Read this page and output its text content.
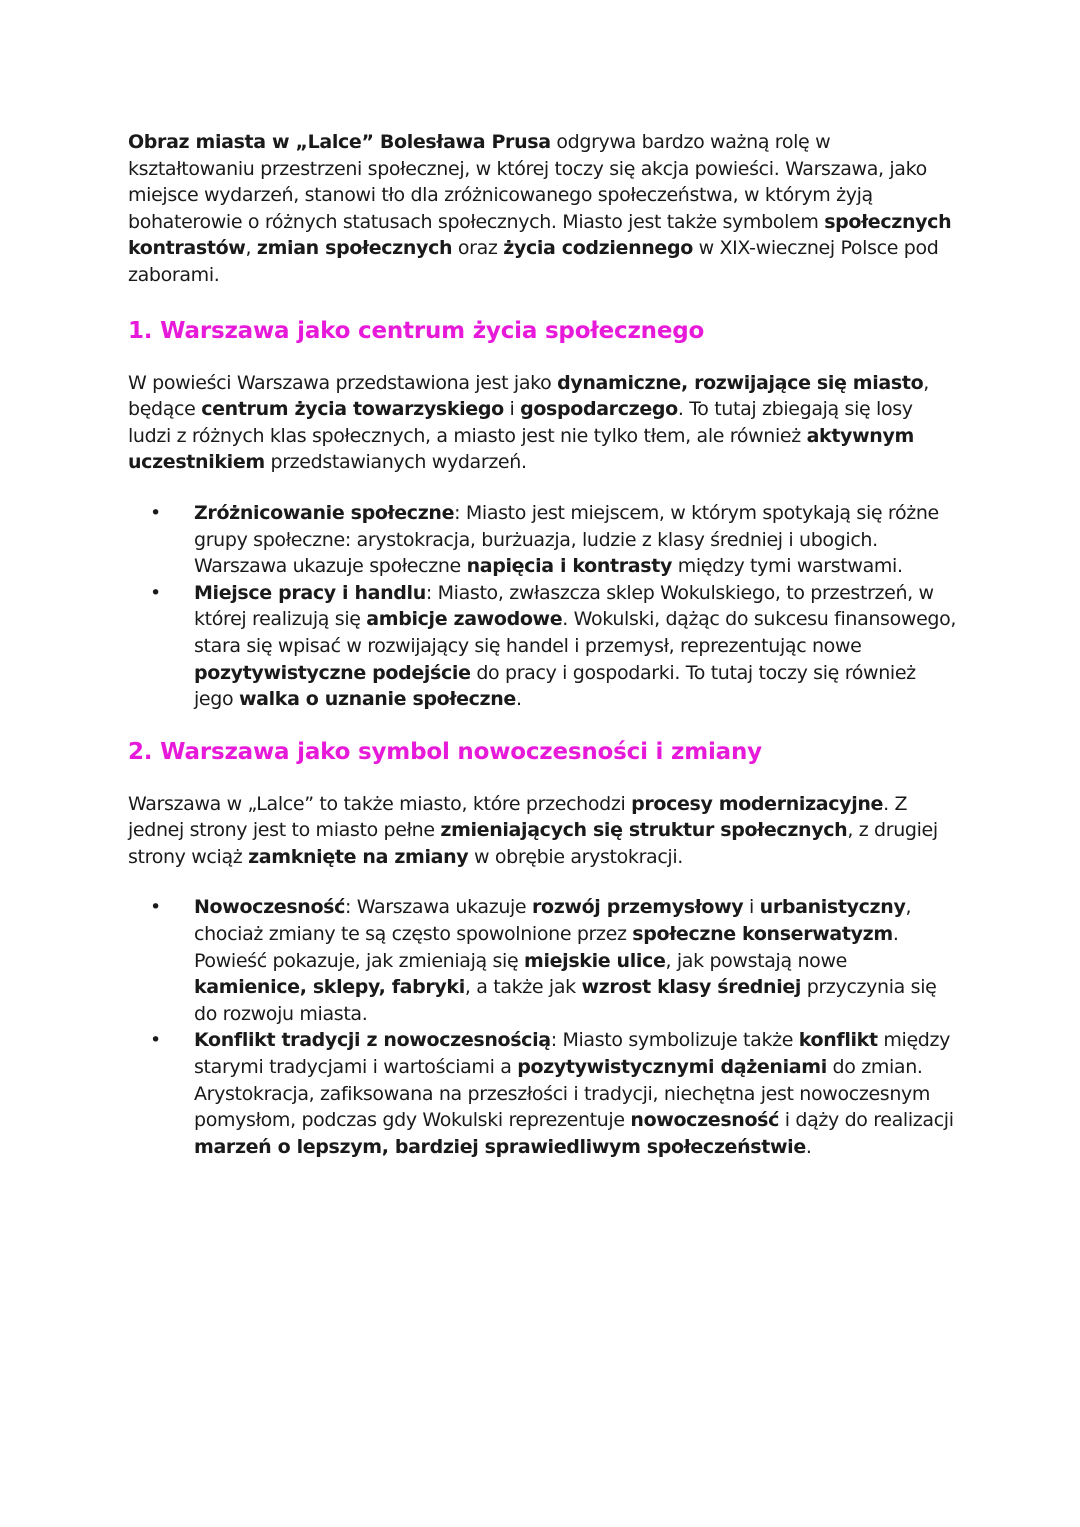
Obraz miasta w „Lalce” Bolesława Prusa odgrywa bardzo ważną rolę w kształtowaniu przestrzeni społecznej, w której toczy się akcja powieści. Warszawa, jako miejsce wydarzeń, stanowi tło dla zróżnicowanego społeczeństwa, w którym żyją bohaterowie o różnych statusach społecznych. Miasto jest także symbolem społecznych kontrastów, zmian społecznych oraz życia codziennego w XIX-wiecznej Polsce pod zaborami.

1. Warszawa jako centrum życia społecznego

W powieści Warszawa przedstawiona jest jako dynamiczne, rozwijające się miasto, będące centrum życia towarzyskiego i gospodarczego. To tutaj zbiegają się losy ludzi z różnych klas społecznych, a miasto jest nie tylko tłem, ale również aktywnym uczestnikiem przedstawianych wydarzeń.

• Zróżnicowanie społeczne: Miasto jest miejscem, w którym spotykają się różne grupy społeczne: arystokracja, burżuazja, ludzie z klasy średniej i ubogich. Warszawa ukazuje społeczne napięcia i kontrasty między tymi warstwami.
• Miejsce pracy i handlu: Miasto, zwłaszcza sklep Wokulskiego, to przestrzeń, w której realizują się ambicje zawodowe. Wokulski, dążąc do sukcesu finansowego, stara się wpisać w rozwijający się handel i przemysł, reprezentując nowe pozytywistyczne podejście do pracy i gospodarki. To tutaj toczy się również jego walka o uznanie społeczne.
2. Warszawa jako symbol nowoczesności i zmiany

Warszawa w „Lalce” to także miasto, które przechodzi procesy modernizacyjne. Z jednej strony jest to miasto pełne zmieniających się struktur społecznych, z drugiej strony wciąż zamknięte na zmiany w obrębie arystokracji.

• Nowoczesność: Warszawa ukazuje rozwój przemysłowy i urbanistyczny, chociaż zmiany te są często spowolnione przez społeczne konserwatyzm. Powieść pokazuje, jak zmieniają się miejskie ulice, jak powstają nowe kamienice, sklepy, fabryki, a także jak wzrost klasy średniej przyczynia się do rozwoju miasta.
• Konflikt tradycji z nowoczesnością: Miasto symbolizuje także konflikt między starymi tradycjami i wartościami a pozytywistycznymi dążeniami do zmian. Arystokracja, zafiksowana na przeszłości i tradycji, niechętna jest nowoczesnym pomysłom, podczas gdy Wokulski reprezentuje nowoczesność i dąży do realizacji marzeń o lepszym, bardziej sprawiedliwym społeczeństwie.
